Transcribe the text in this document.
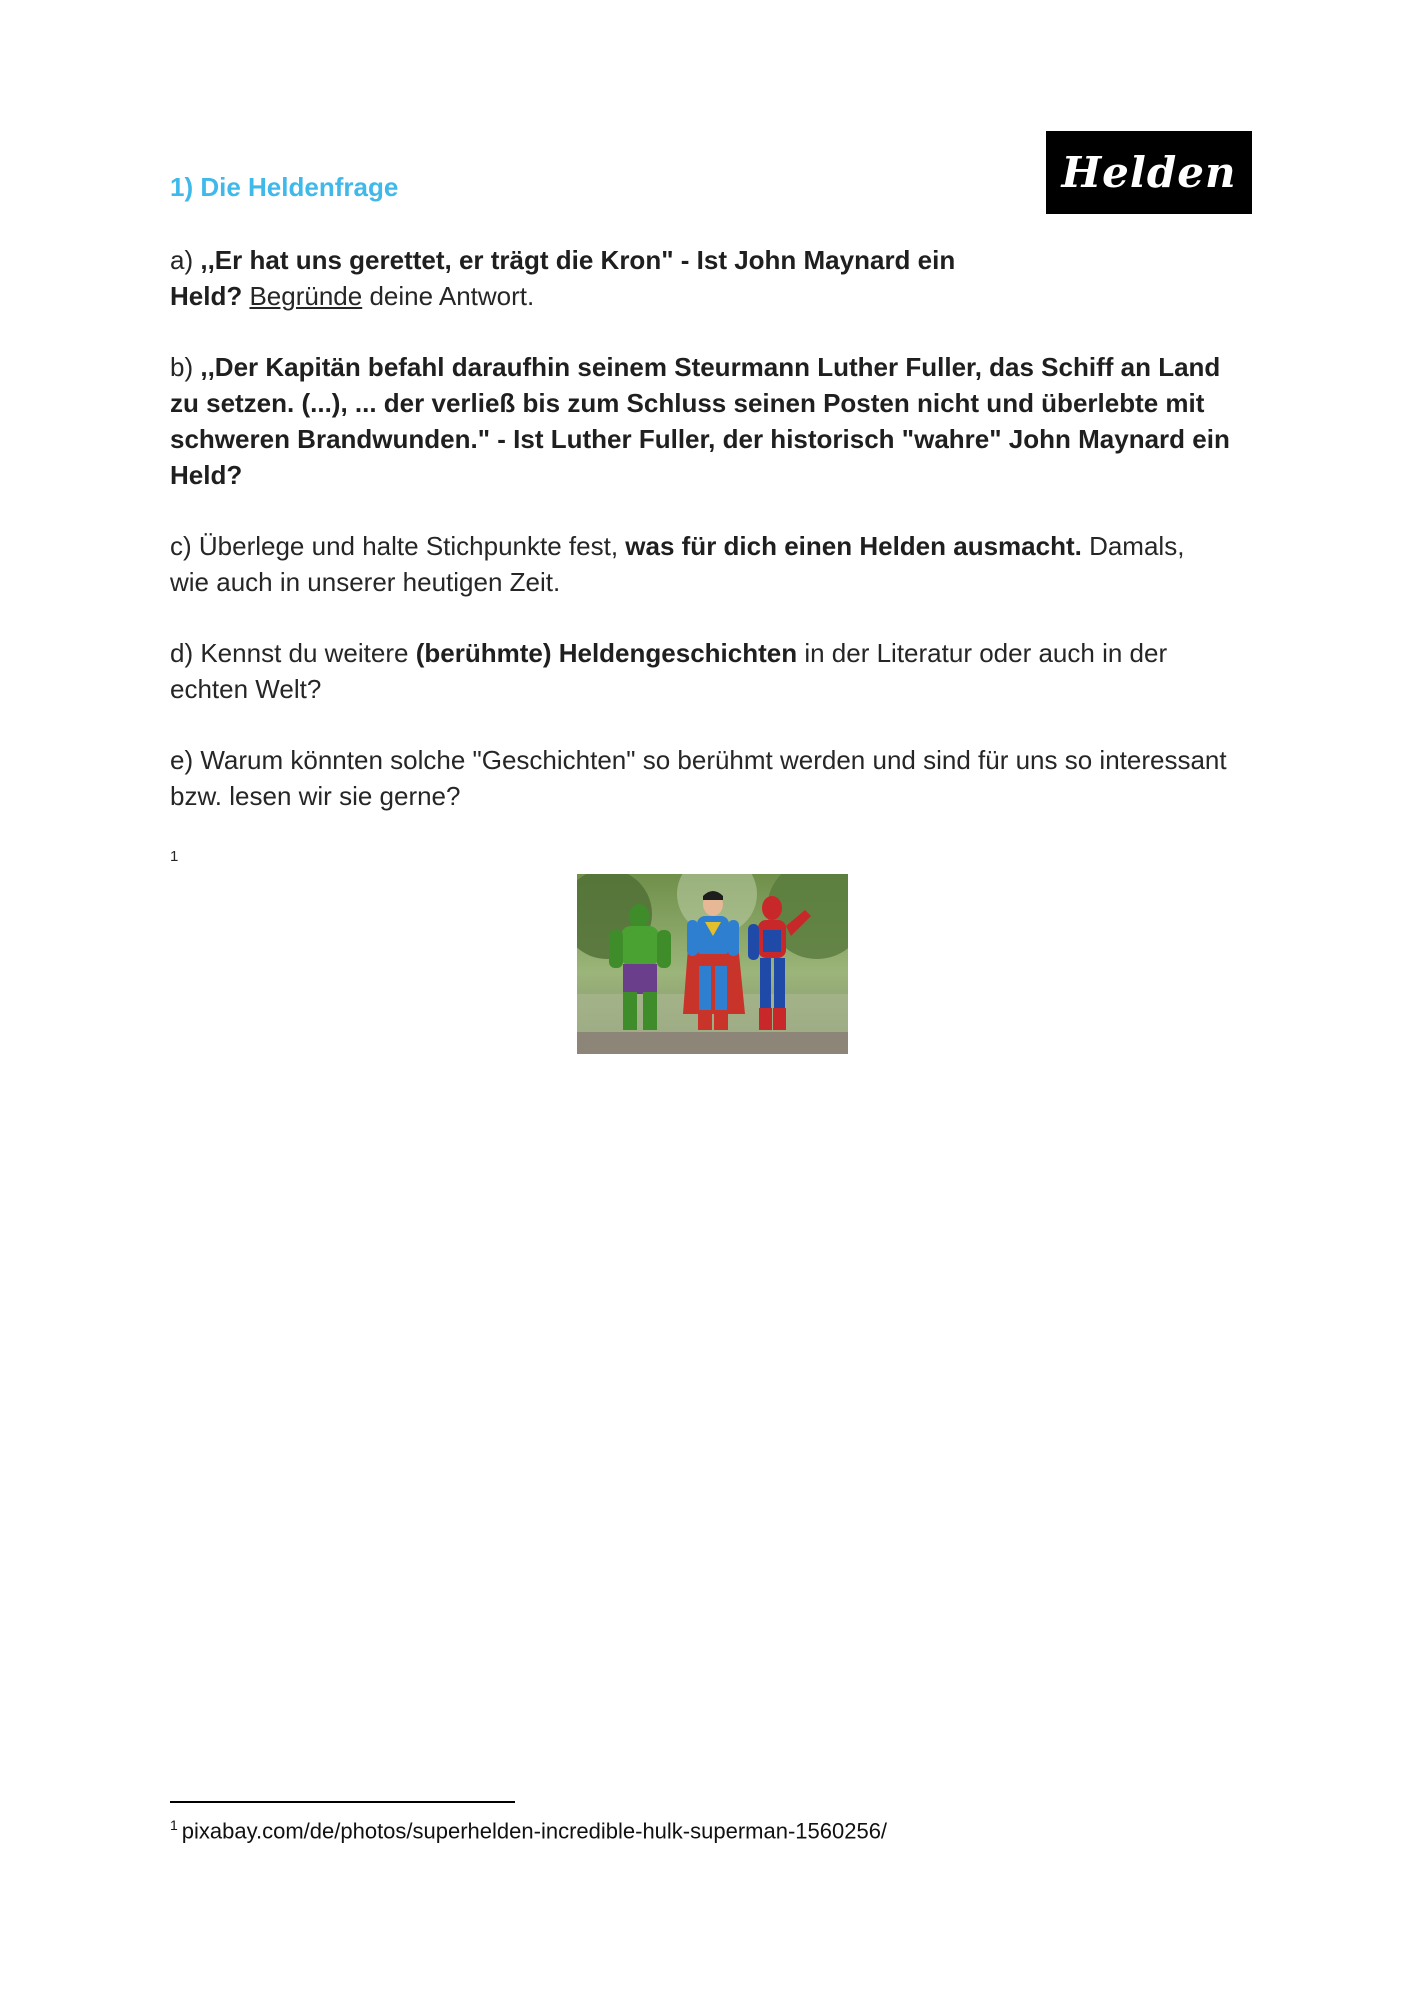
1) Die Heldenfrage	Helden

a) ,,Er hat uns gerettet, er trägt die Kron" - Ist John Maynard ein Held? Begründe deine Antwort.

b) ,,Der Kapitän befahl daraufhin seinem Steurmann Luther Fuller, das Schiff an Land zu setzen. (...), ... der verließ bis zum Schluss seinen Posten nicht und überlebte mit schweren Brandwunden." - Ist Luther Fuller, der historisch "wahre" John Maynard ein Held?

c) Überlege und halte Stichpunkte fest, was für dich einen Helden ausmacht. Damals, wie auch in unserer heutigen Zeit.

d) Kennst du weitere (berühmte) Heldengeschichten in der Literatur oder auch in der echten Welt?

e) Warum könnten solche "Geschichten" so berühmt werden und sind für uns so interessant bzw. lesen wir sie gerne?

1
$^1$ pixabay.com/de/photos/superhelden-incredible-hulk-superman-1560256/
